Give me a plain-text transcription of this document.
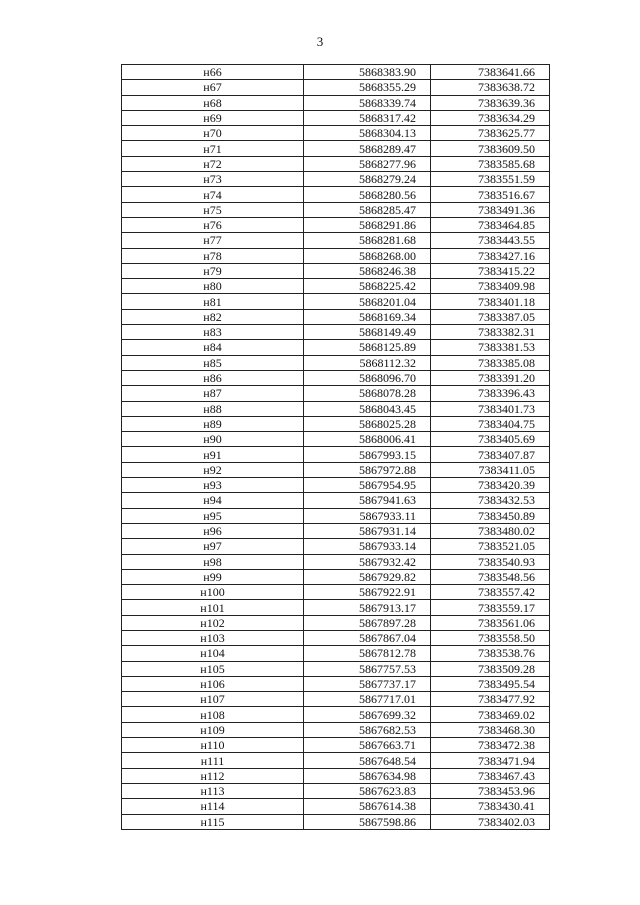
3
н66	5868383.90	7383641.66
н67	5868355.29	7383638.72
н68	5868339.74	7383639.36
н69	5868317.42	7383634.29
н70	5868304.13	7383625.77
н71	5868289.47	7383609.50
н72	5868277.96	7383585.68
н73	5868279.24	7383551.59
н74	5868280.56	7383516.67
н75	5868285.47	7383491.36
н76	5868291.86	7383464.85
н77	5868281.68	7383443.55
н78	5868268.00	7383427.16
н79	5868246.38	7383415.22
н80	5868225.42	7383409.98
н81	5868201.04	7383401.18
н82	5868169.34	7383387.05
н83	5868149.49	7383382.31
н84	5868125.89	7383381.53
н85	5868112.32	7383385.08
н86	5868096.70	7383391.20
н87	5868078.28	7383396.43
н88	5868043.45	7383401.73
н89	5868025.28	7383404.75
н90	5868006.41	7383405.69
н91	5867993.15	7383407.87
н92	5867972.88	7383411.05
н93	5867954.95	7383420.39
н94	5867941.63	7383432.53
н95	5867933.11	7383450.89
н96	5867931.14	7383480.02
н97	5867933.14	7383521.05
н98	5867932.42	7383540.93
н99	5867929.82	7383548.56
н100	5867922.91	7383557.42
н101	5867913.17	7383559.17
н102	5867897.28	7383561.06
н103	5867867.04	7383558.50
н104	5867812.78	7383538.76
н105	5867757.53	7383509.28
н106	5867737.17	7383495.54
н107	5867717.01	7383477.92
н108	5867699.32	7383469.02
н109	5867682.53	7383468.30
н110	5867663.71	7383472.38
н111	5867648.54	7383471.94
н112	5867634.98	7383467.43
н113	5867623.83	7383453.96
н114	5867614.38	7383430.41
н115	5867598.86	7383402.03
